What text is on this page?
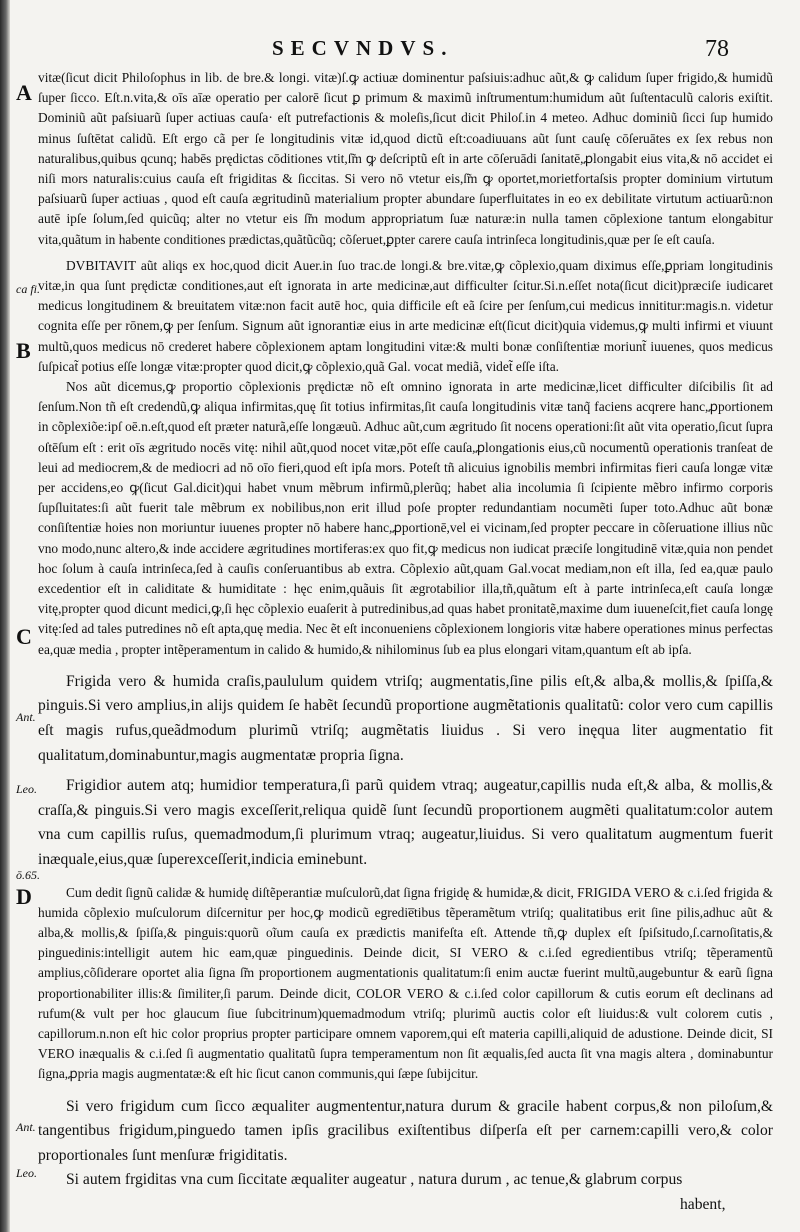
SECVNDVS.	78

vitæ(ſicut dicit Philoſophus in lib. de bre.& longi. vitæ)ſ.ꝙ actiuæ dominentur paſsiuis:adhuc aũt,& ꝙ calidum ſuper frigido,& humidũ ſuper ſicco. Eſt.n.vita,& oīs aīæ operatio per calorē ſicut ꝑ primum & maximũ inſtrumentum:humidum aũt ſuſtentaculũ caloris exiſtit. Dominiũ aũt paſsiuarũ ſuper actiuas cauſa· eſt putrefactionis & moleſis,ſicut dicit Philoſ.in 4 meteo. Adhuc dominiũ ſicci ſup humido minus ſuſtētat calidũ. Eſt ergo cã per ſe longitudinis vitæ id,quod dictũ eſt:coadiuuans aũt ſunt cauſę cōſeruātes ex ſex rebus non naturalibus,quibus qcunq; habēs prędictas cōditiones vtit,ſ̃m ꝙ deſcriptũ eſt in arte cōſeruādi ſanitatē,ꝓlongabit eius vita,& nō accidet ei niſi mors naturalis:cuius cauſa eſt frigiditas & ſiccitas. Si vero nō vtetur eis,ſ̃m ꝙ oportet,morietfortaſsis propter dominium virtutum paſsiuarũ ſuper actiuas , quod eſt cauſa ægritudinũ materialium propter abundare ſuperfluitates in eo ex debilitate virtutum actiuarũ:non autē ipſe ſolum,ſed quicũq; alter no vtetur eis ſ̃m modum appropriatum ſuæ naturæ:in nulla tamen cōplexione tantum elongabitur vita,quãtum in habente conditiones prædictas,quãtũcũq; cõſeruet,ꝑpter carere cauſa intrinſeca longitudinis,quæ per ſe eſt cauſa.

DVBITAVIT aũt aliqs ex hoc,quod dicit Auer.in ſuo trac.de longi.& bre.vitæ,ꝙ cõplexio,quam diximus eſſe,ꝑpriam longitudinis vitæ,in qua ſunt prędictæ conditiones,aut eſt ignorata in arte medicinæ,aut difficulter ſcitur.Si.n.eſſet nota(ſicut dicit)præciſe iudicaret medicus longitudinem & breuitatem vitæ:non facit autē hoc, quia difficile eſt eã ſcire per ſenſum,cui medicus innititur:magis.n. videtur cognita eſſe per rōnem,ꝙ per ſenſum. Signum aũt ignorantiæ eius in arte medicinæ eſt(ſicut dicit)quia videmus,ꝙ multi infirmi et viuunt multũ,quos medicus nō crederet habere cõplexionem aptam longitudini vitæ:& multi bonæ conſiſtentiæ moriunt̃ iuuenes, quos medicus ſuſpicat̃ potius eſſe longæ vitæ:propter quod dicit,ꝙ cõplexio,quã Gal. vocat mediã, videt̃ eſſe iſta.

Nos aũt dicemus,ꝙ proportio cõplexionis prędictæ nõ eſt omnino ignorata in arte medicinæ,licet difficulter diſcibilis ſit ad ſenſum.Non tñ eſt credendũ,ꝙ aliqua infirmitas,quę ſit totius infirmitas,ſit cauſa longitudinis vitæ tanq̃ faciens acqrere hanc,ꝓportionem in cõplexiõe:ipſ oē.n.eſt,quod eſt præter naturã,eſſe longæuũ. Adhuc aũt,cum ægritudo ſit nocens operationi:ſit aũt vita operatio,ſicut ſupra oſtēſum eſt : erit oīs ægritudo nocēs vitę: nihil aũt,quod nocet vitæ,pōt eſſe cauſa,ꝓlongationis eius,cũ nocumentũ operationis tranſeat de leui ad mediocrem,& de mediocri ad nō oīo fieri,quod eſt ipſa mors. Poteſt tñ alicuius ignobilis membri infirmitas fieri cauſa longæ vitæ per accidens,eo ꝙ(ſicut Gal.dicit)qui habet vnum mẽbrum infirmũ,plerũq; habet alia incolumia ſi ſcipiente mẽbro infirmo corporis ſupſluitates:ſi aũt fuerit tale mẽbrum ex nobilibus,non erit illud poſe propter redundantiam nocumẽti ſuper toto.Adhuc aũt bonæ conſiſtentiæ hoies non moriuntur iuuenes propter nō habere hanc,ꝓportionē,vel ei vicinam,ſed propter peccare in cõſeruatione illius nũc vno modo,nunc altero,& inde accidere ægritudines mortiferas:ex quo fit,ꝙ medicus non iudicat præciſe longitudinē vitæ,quia non pendet hoc ſolum à cauſa intrinſeca,ſed à cauſis conſeruantibus ab extra. Cõplexio aũt,quam Gal.vocat mediam,non eſt illa, ſed ea,quæ paulo excedentior eſt in caliditate & humiditate : hęc enim,quãuis ſit ægrotabilior illa,tñ,quãtum eſt à parte intrinſeca,eſt cauſa longæ vitę,propter quod dicunt medici,ꝙ,ſi hęc cõplexio euaſerit à putredinibus,ad quas habet pronitatẽ,maxime dum iuueneſcit,fiet cauſa longę vitę:ſed ad tales putredines nõ eſt apta,quę media. Nec ẽt eſt inconueniens cõplexionem longioris vitæ habere operationes minus perfectas ea,quæ media , propter intẽperamentum in calido & humido,& nihilominus ſub ea plus elongari vitam,quantum eſt ab ipſa.

Frigida vero & humida craſis,paululum quidem vtriſq; augmentatis,ſine pilis eſt,& alba,& mollis,& ſpiſſa,& pinguis.Si vero amplius,in alijs quidem ſe habẽt ſecundũ proportione augmẽtationis qualitatũ: color vero cum capillis eſt magis rufus,queãdmodum plurimũ vtriſq; augmẽtatis liuidus . Si vero inęqua liter augmentatio fit qualitatum,dominabuntur,magis augmentatæ propria ſigna.

Frigidior autem atq; humidior temperatura,ſi parũ quidem vtraq; augeatur,capillis nuda eſt,& alba, & mollis,& craſſa,& pinguis.Si vero magis exceſſerit,reliqua quidẽ ſunt ſecundũ proportionem augmẽti qualitatum:color autem vna cum capillis ruſus, quemadmodum,ſi plurimum vtraq; augeatur,liuidus. Si vero qualitatum augmentum fuerit inæquale,eius,quæ ſuperexceſſerit,indicia eminebunt.

Cum dedit ſignũ calidæ & humidę diſtẽperantiæ muſculorũ,dat ſigna frigidę & humidæ,& dicit, FRIGIDA VERO & c.i.ſed frigida & humida cõplexio muſculorum diſcernitur per hoc,ꝙ modicũ egredie̅tibus tẽperamẽtum vtriſq; qualitatibus erit ſine pilis,adhuc aũt & alba,& mollis,& ſpiſſa,& pinguis:quorũ oĩum cauſa ex prædictis manifeſta eſt. Attende tñ,ꝙ duplex eſt ſpiſsitudo,ſ.carnoſitatis,& pinguedinis:intelligit autem hic eam,quæ pinguedinis. Deinde dicit, SI VERO & c.i.ſed egredientibus vtriſq; tẽperamentũ amplius,cõſiderare oportet alia ſigna ſ̃m proportionem augmentationis qualitatum:ſi enim auctæ fuerint multũ,augebuntur & earũ ſigna proportionabiliter illis:& ſimiliter,ſi parum. Deinde dicit, COLOR VERO & c.i.ſed color capillorum & cutis eorum eſt declinans ad rufum(& vult per hoc glaucum ſiue ſubcitrinum)quemadmodum vtriſq; plurimũ auctis color eſt liuidus:& vult colorem cutis , capillorum.n.non eſt hic color proprius propter participare omnem vaporem,qui eſt materia capilli,aliquid de adustione. Deinde dicit, SI VERO inæqualis & c.i.ſed ſi augmentatio qualitatũ ſupra temperamentum non ſit æqualis,ſed aucta ſit vna magis altera , dominabuntur ſigna,ꝓpria magis augmentatæ:& eſt hic ſicut canon communis,qui ſæpe ſubijcitur.

Si vero frigidum cum ſicco æqualiter augmententur,natura durum & gracile habent corpus,& non piloſum,& tangentibus frigidum,pinguedo tamen ipſis gracilibus exiſtentibus diſperſa eſt per carnem:capilli vero,& color proportionales ſunt menſuræ frigiditatis.

Si autem frgiditas vna cum ſiccitate æqualiter augeatur , natura durum , ac tenue,& glabrum corpus

A
ca fi.
B
C
Ant.
Leo.
ō.65.
D
Ant.
Leo.
habent,
